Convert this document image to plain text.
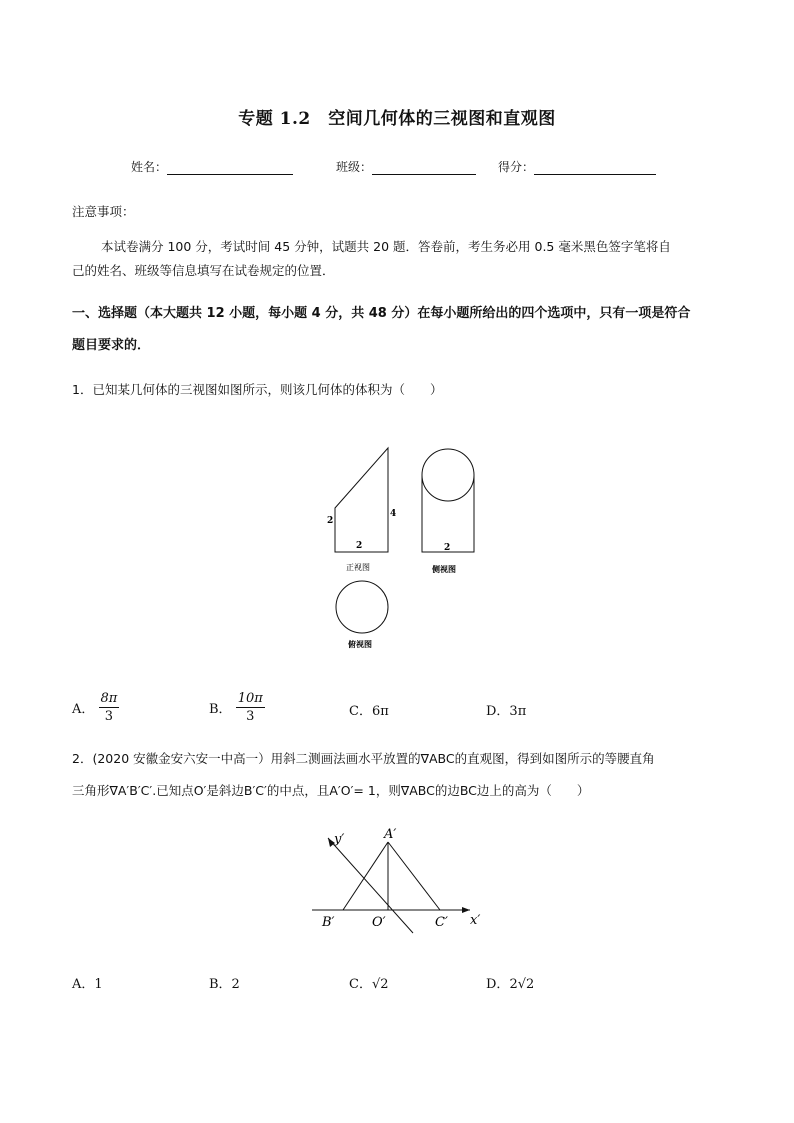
专题 1.2　空间几何体的三视图和直观图
姓名：	班级：	得分：
注意事项：
本试卷满分 100 分，考试时间 45 分钟，试题共 20 题．答卷前，考生务必用 0.5 毫米黑色签字笔将自
己的姓名、班级等信息填写在试卷规定的位置．
一、选择题（本大题共 12 小题，每小题 4 分，共 48 分）在每小题所给出的四个选项中，只有一项是符合
题目要求的．
1．已知某几何体的三视图如图所示，则该几何体的体积为（　　）
2
2
4
正视图
2
侧视图
俯视图
A． $\frac{8\pi}{3}$	B． $\frac{10\pi}{3}$	C．6π	D．3π
2．(2020 安徽金安六安一中高一）用斜二测画法画水平放置的∇ABC的直观图，得到如图所示的等腰直角
三角形∇A′B′C′.已知点O′是斜边B′C′的中点，且A′O′= 1，则∇ABC的边BC边上的高为（　　）
y′	A′
B′	O′	C′ x′
A．1	B．2	C．√2	D．2√2
